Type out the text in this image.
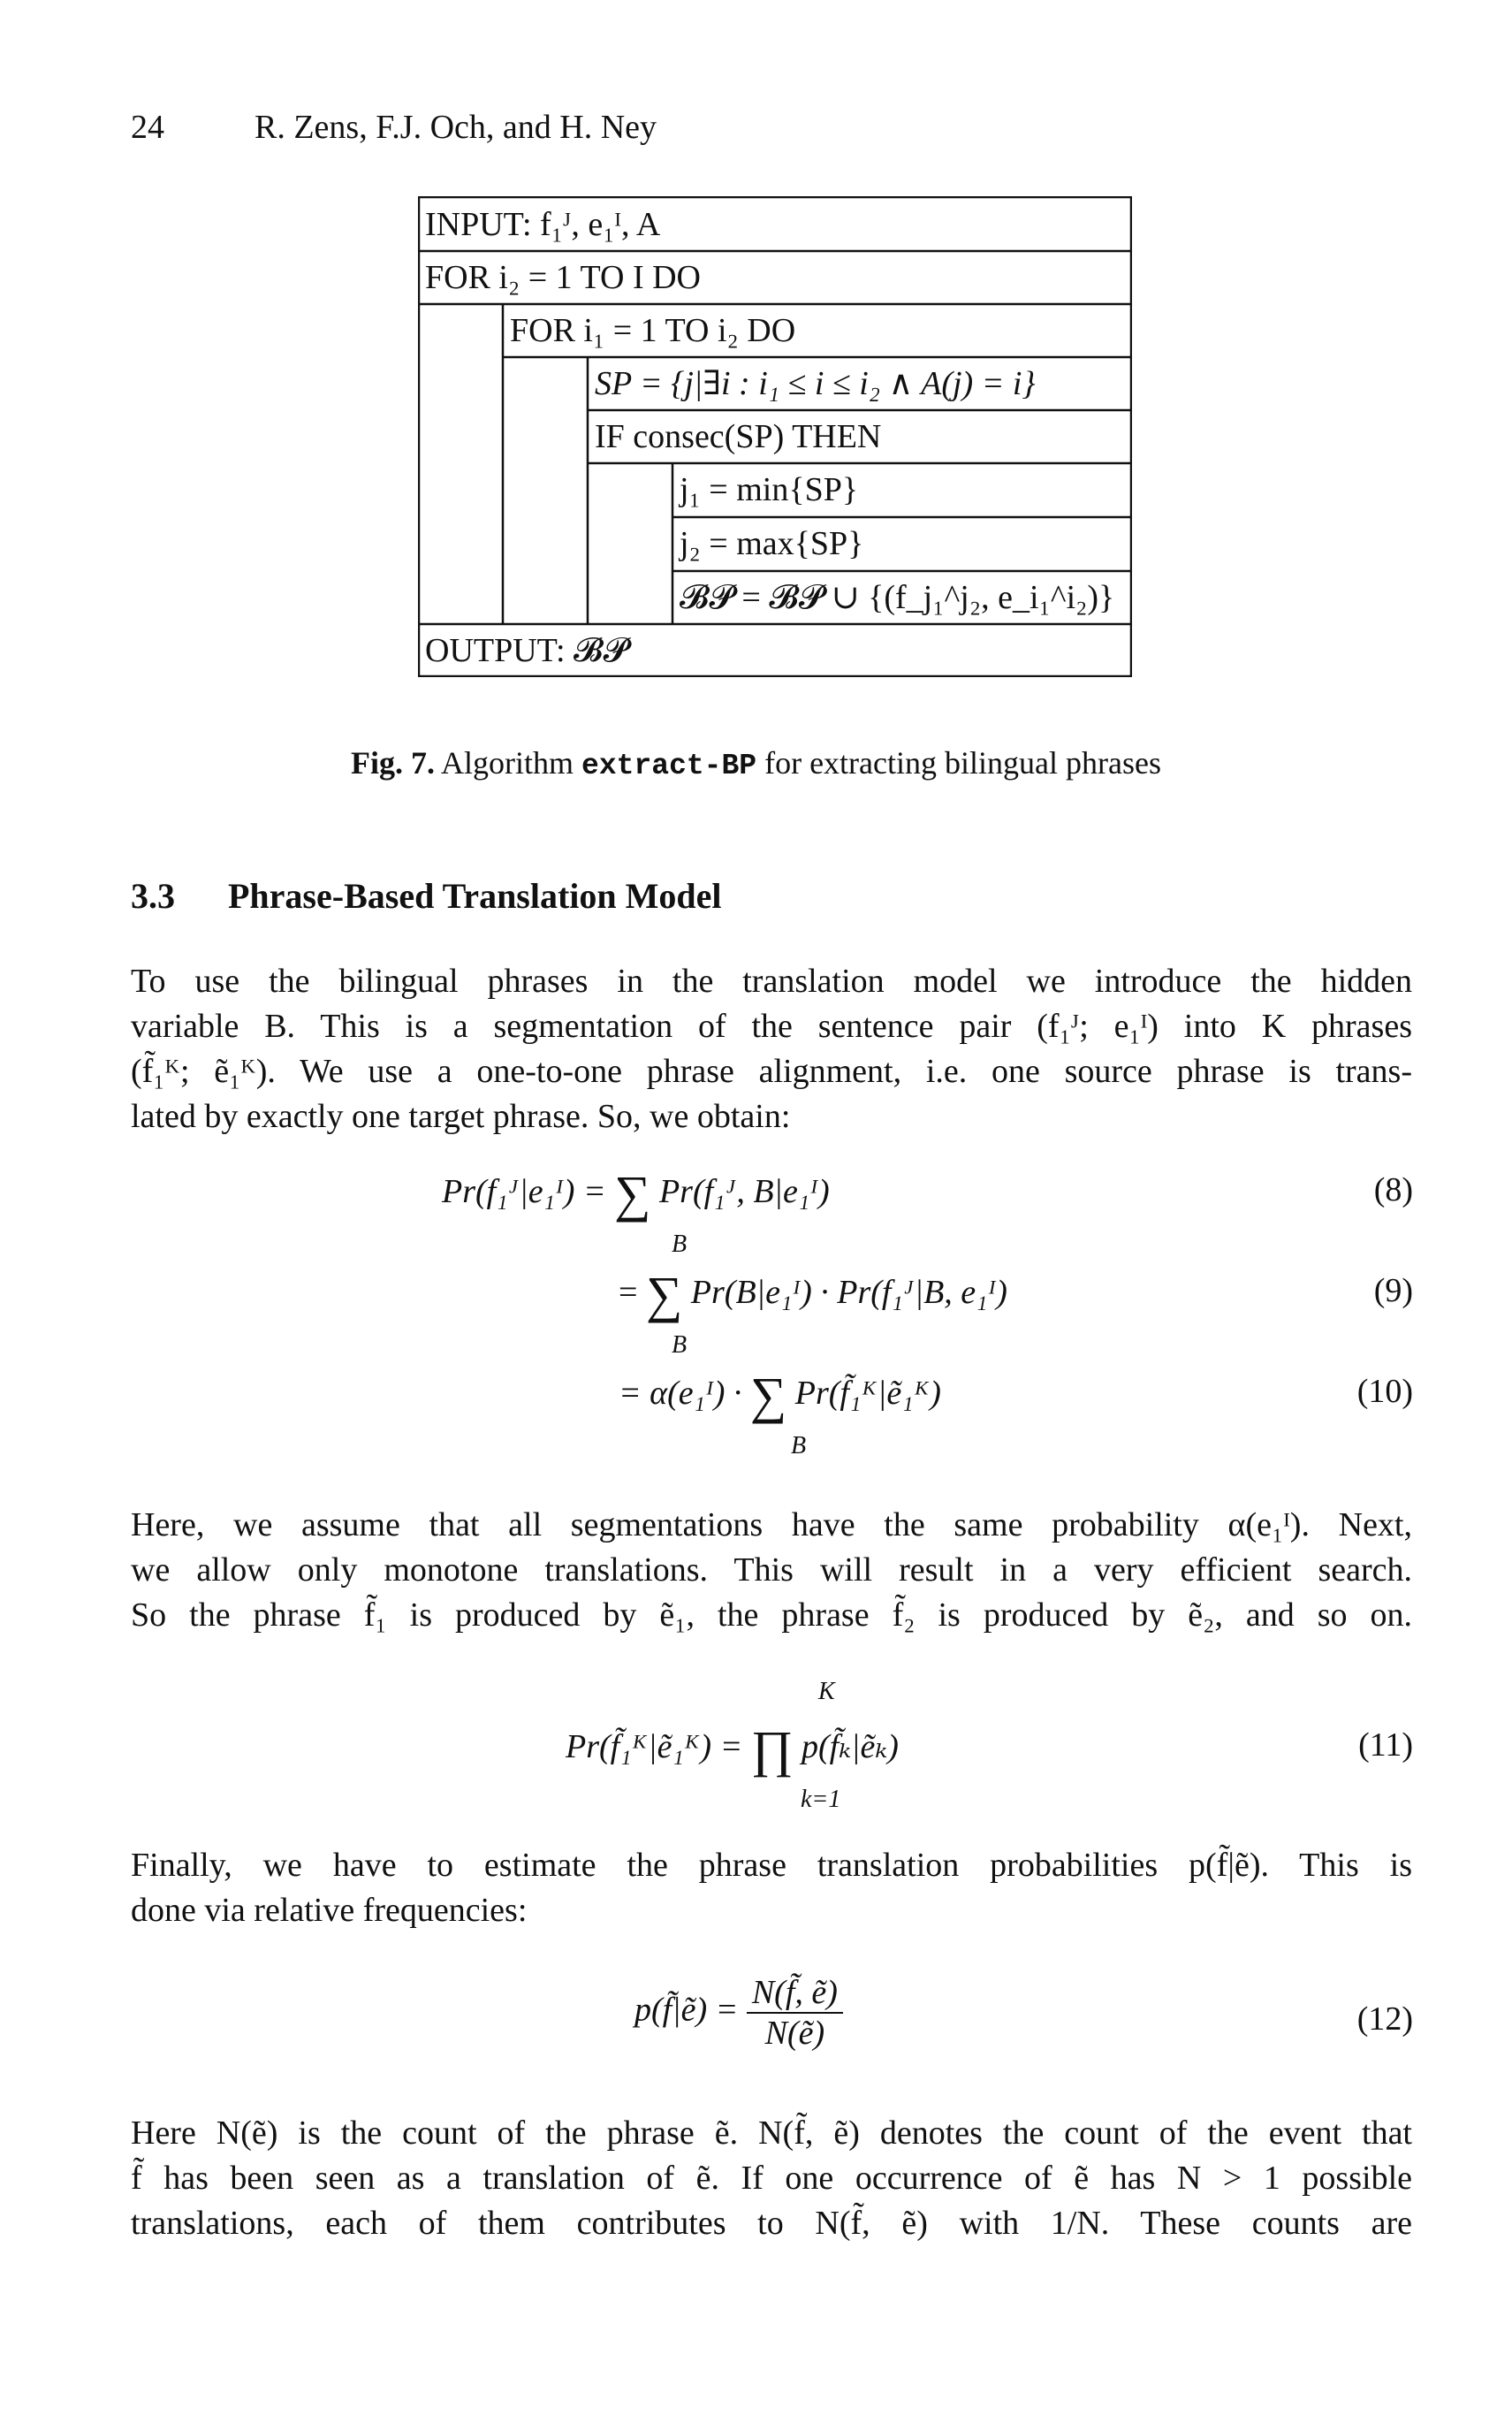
24	R. Zens, F.J. Och, and H. Ney
INPUT: f₁ᴶ, e₁ᴵ, A
FOR i₂ = 1 TO I DO
FOR i₁ = 1 TO i₂ DO
SP = {j|∃i : i₁ ≤ i ≤ i₂ ∧ A(j) = i}
IF consec(SP) THEN
j₁ = min{SP}
j₂ = max{SP}
𝓑𝓟 = 𝓑𝓟 ∪ {(f_j₁^j₂, e_i₁^i₂)}
OUTPUT: 𝓑𝓟
Fig. 7. Algorithm extract-BP for extracting bilingual phrases
3.3 Phrase-Based Translation Model
To use the bilingual phrases in the translation model we introduce the hidden
variable B. This is a segmentation of the sentence pair (f₁ᴶ; e₁ᴵ) into K phrases
(f̃₁ᴷ; ẽ₁ᴷ). We use a one-to-one phrase alignment, i.e. one source phrase is trans-
lated by exactly one target phrase. So, we obtain:
Pr(f₁ᴶ|e₁ᴵ) = ∑ Pr(f₁ᴶ, B|e₁ᴵ)
B
(8)
= ∑ Pr(B|e₁ᴵ) · Pr(f₁ᴶ|B, e₁ᴵ)
B
(9)
= α(e₁ᴵ) · ∑ Pr(f̃₁ᴷ|ẽ₁ᴷ)
B
(10)
Here, we assume that all segmentations have the same probability α(e₁ᴵ). Next,
we allow only monotone translations. This will result in a very efficient search.
So the phrase f̃₁ is produced by ẽ₁, the phrase f̃₂ is produced by ẽ₂, and so on.
K
Pr(f̃₁ᴷ|ẽ₁ᴷ) = ∏ p(f̃ₖ|ẽₖ)
k=1
(11)
Finally, we have to estimate the phrase translation probabilities p(f̃|ẽ). This is
done via relative frequencies:
p(f̃|ẽ) = $\frac{\text{N(f̃, ẽ)}}{\text{N(ẽ)}}$	(12)
Here N(ẽ) is the count of the phrase ẽ. N(f̃, ẽ) denotes the count of the event that
f̃ has been seen as a translation of ẽ. If one occurrence of ẽ has N > 1 possible
translations, each of them contributes to N(f̃, ẽ) with 1/N. These counts are
